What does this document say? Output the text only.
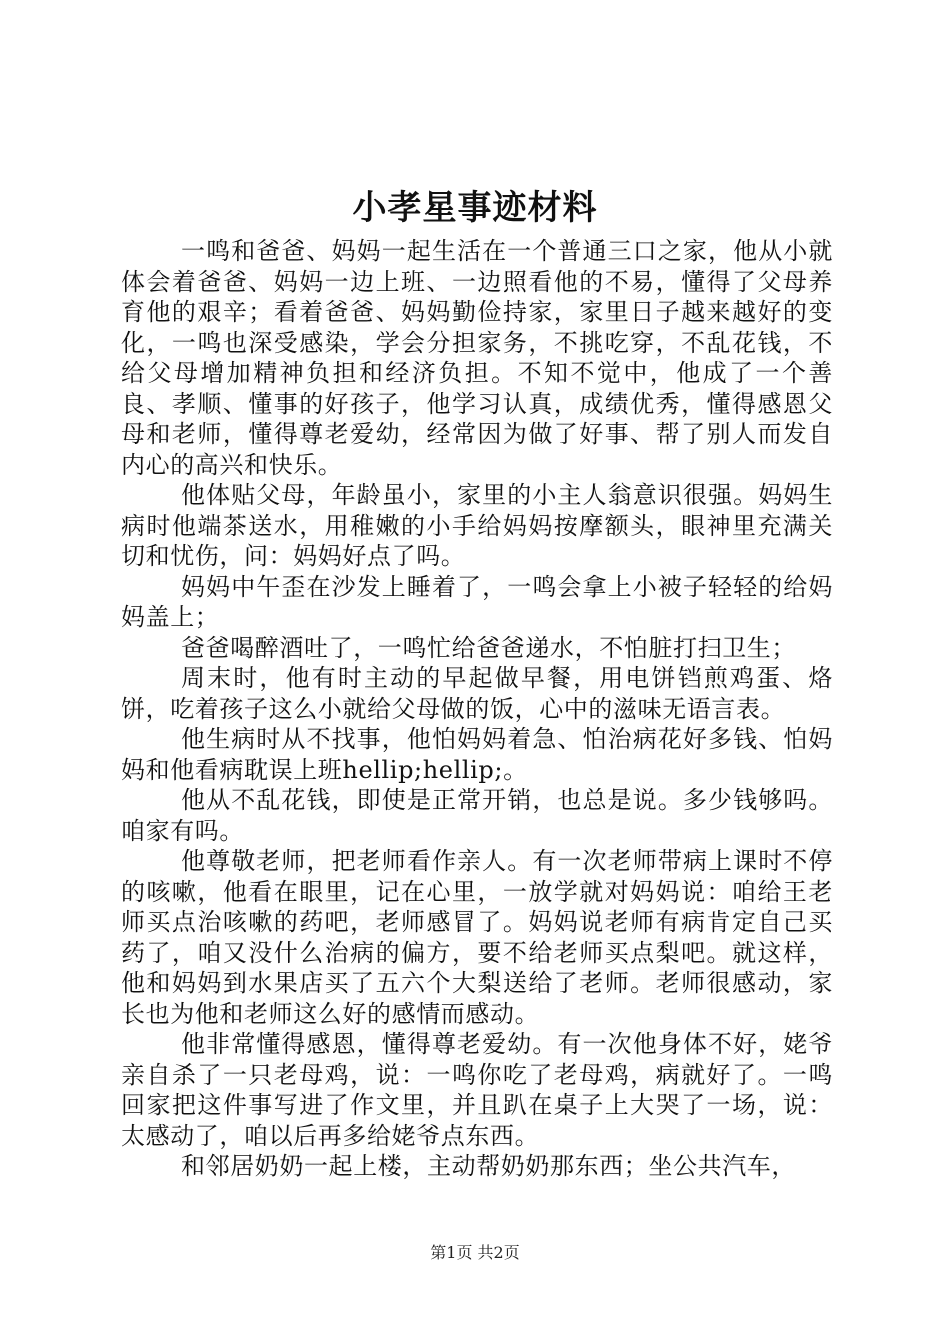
小孝星事迹材料

一鸣和爸爸、妈妈一起生活在一个普通三口之家，他从小就体会着爸爸、妈妈一边上班、一边照看他的不易，懂得了父母养育他的艰辛；看着爸爸、妈妈勤俭持家，家里日子越来越好的变化，一鸣也深受感染，学会分担家务，不挑吃穿，不乱花钱，不给父母增加精神负担和经济负担。不知不觉中，他成了一个善良、孝顺、懂事的好孩子，他学习认真，成绩优秀，懂得感恩父母和老师，懂得尊老爱幼，经常因为做了好事、帮了别人而发自内心的高兴和快乐。

他体贴父母，年龄虽小，家里的小主人翁意识很强。妈妈生病时他端茶送水，用稚嫩的小手给妈妈按摩额头，眼神里充满关切和忧伤，问：妈妈好点了吗。

妈妈中午歪在沙发上睡着了，一鸣会拿上小被子轻轻的给妈妈盖上；

爸爸喝醉酒吐了，一鸣忙给爸爸递水，不怕脏打扫卫生；

周末时，他有时主动的早起做早餐，用电饼铛煎鸡蛋、烙饼，吃着孩子这么小就给父母做的饭，心中的滋味无语言表。

他生病时从不找事，他怕妈妈着急、怕治病花好多钱、怕妈妈和他看病耽误上班hellip;hellip;。

他从不乱花钱，即使是正常开销，也总是说。多少钱够吗。咱家有吗。

他尊敬老师，把老师看作亲人。有一次老师带病上课时不停的咳嗽，他看在眼里，记在心里，一放学就对妈妈说：咱给王老师买点治咳嗽的药吧，老师感冒了。妈妈说老师有病肯定自己买药了，咱又没什么治病的偏方，要不给老师买点梨吧。就这样，他和妈妈到水果店买了五六个大梨送给了老师。老师很感动，家长也为他和老师这么好的感情而感动。

他非常懂得感恩，懂得尊老爱幼。有一次他身体不好，姥爷亲自杀了一只老母鸡，说：一鸣你吃了老母鸡，病就好了。一鸣回家把这件事写进了作文里，并且趴在桌子上大哭了一场，说：太感动了，咱以后再多给姥爷点东西。

和邻居奶奶一起上楼，主动帮奶奶那东西；坐公共汽车，

第1页 共2页
